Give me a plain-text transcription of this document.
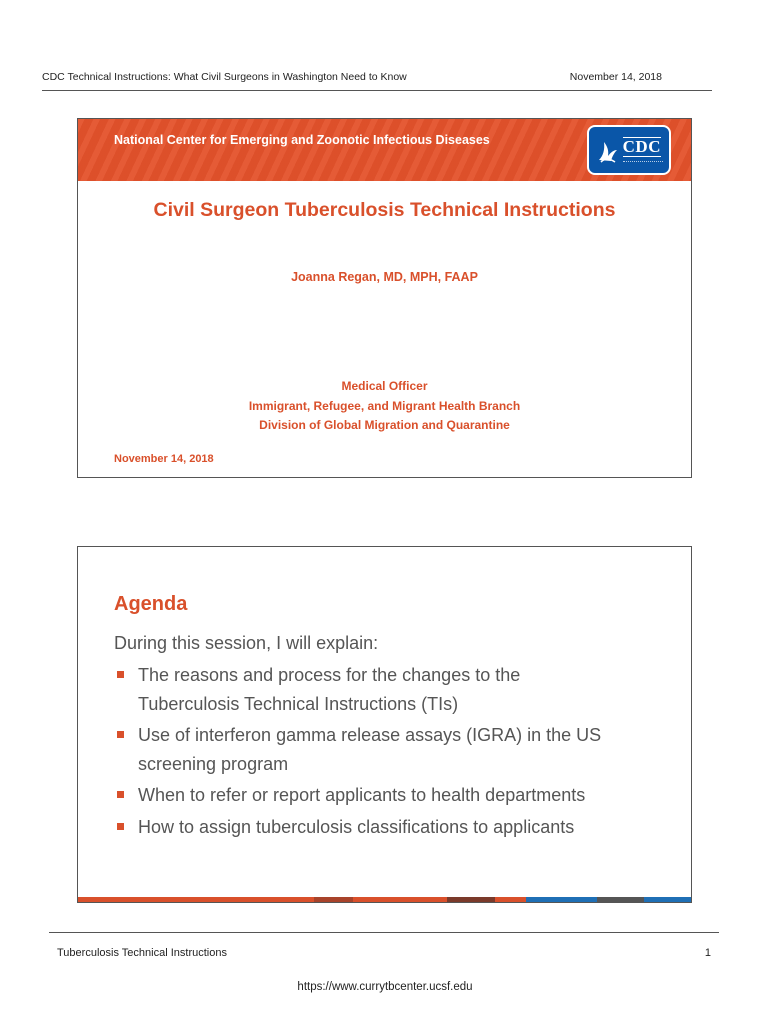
CDC Technical Instructions: What Civil Surgeons in Washington Need to Know	November 14, 2018
National Center for Emerging and Zoonotic Infectious Diseases	CDC
Civil Surgeon Tuberculosis Technical Instructions
Joanna Regan, MD, MPH, FAAP
Medical Officer
Immigrant, Refugee, and Migrant Health Branch
Division of Global Migration and Quarantine
November 14, 2018
Agenda
During this session, I will explain:
The reasons and process for the changes to the
Tuberculosis Technical Instructions (TIs)
Use of interferon gamma release assays (IGRA) in the US
screening program
When to refer or report applicants to health departments
How to assign tuberculosis classifications to applicants
Tuberculosis Technical Instructions	1
https://www.currytbcenter.ucsf.edu
